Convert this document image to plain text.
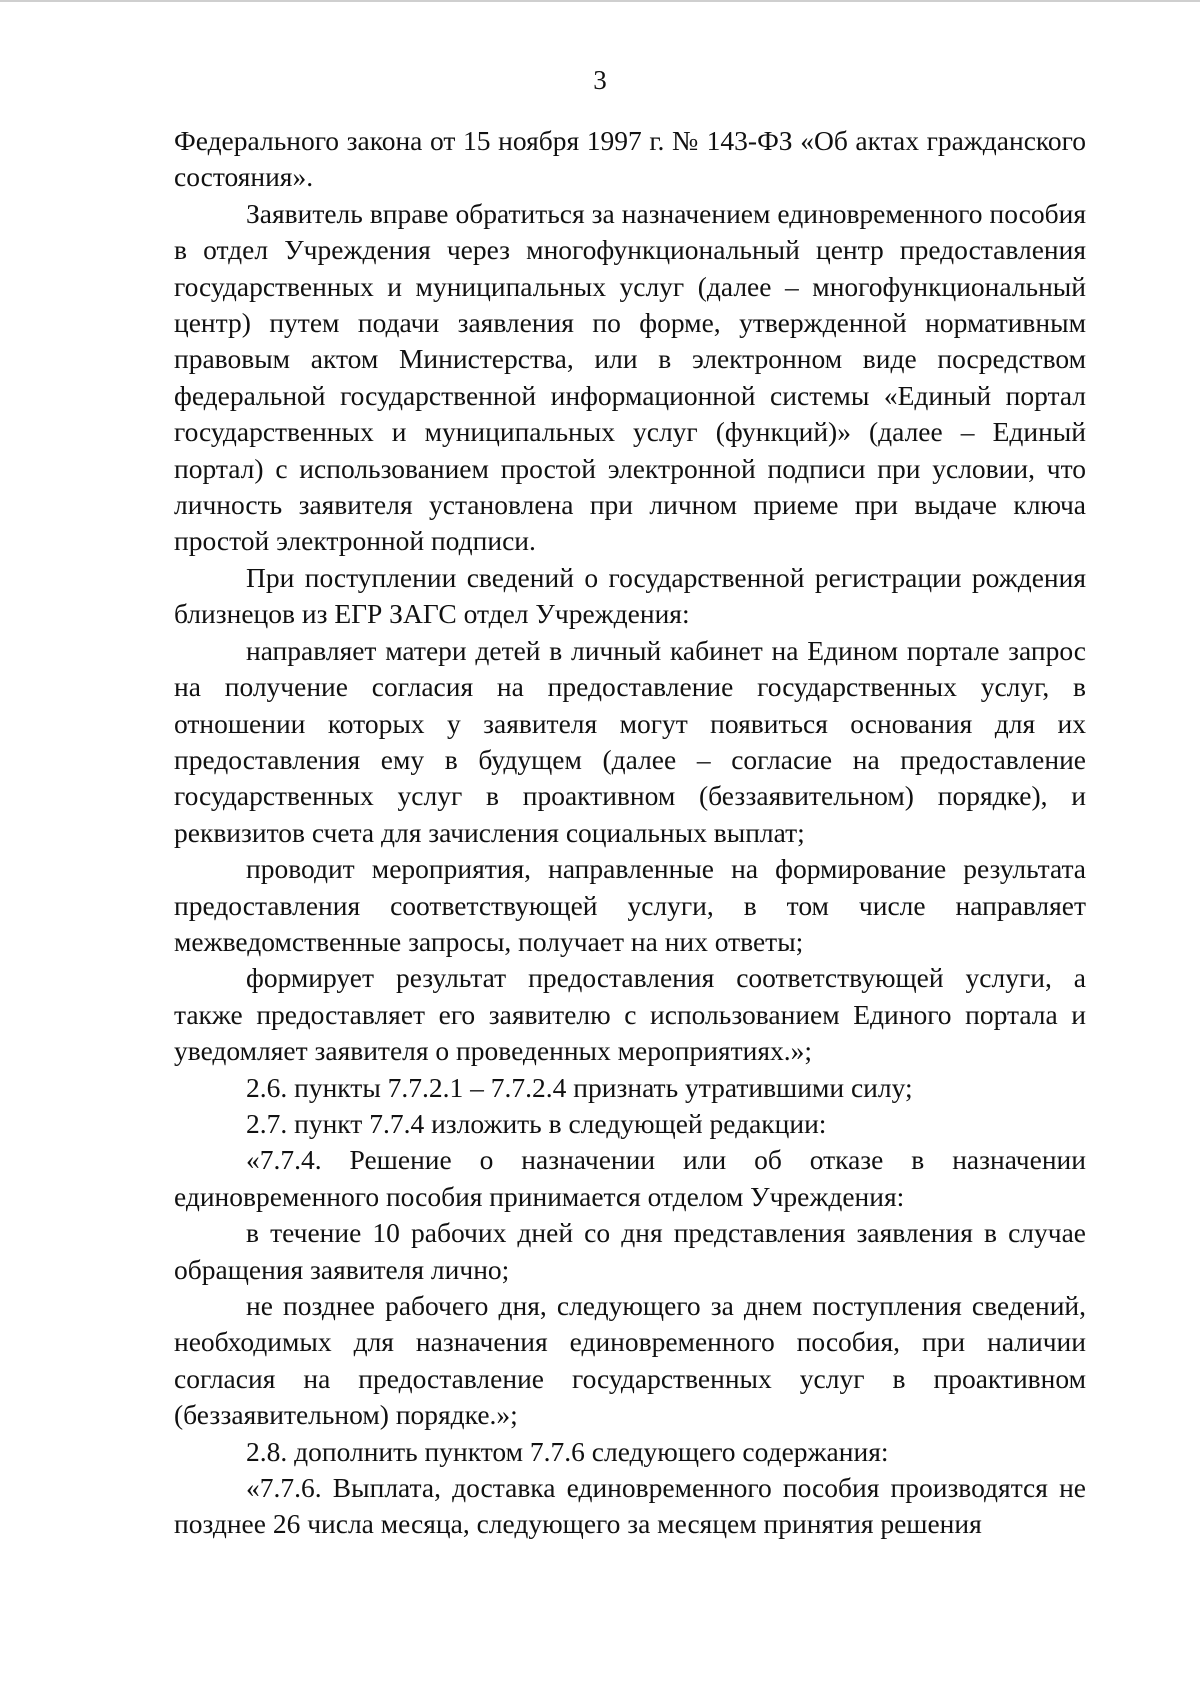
3

Федерального закона от 15 ноября 1997 г. № 143-ФЗ «Об актах гражданского состояния».

Заявитель вправе обратиться за назначением единовременного пособия в отдел Учреждения через многофункциональный центр предоставления государственных и муниципальных услуг (далее – многофункциональный центр) путем подачи заявления по форме, утвержденной нормативным правовым актом Министерства, или в электронном виде посредством федеральной государственной информационной системы «Единый портал государственных и муниципальных услуг (функций)» (далее – Единый портал) с использованием простой электронной подписи при условии, что личность заявителя установлена при личном приеме при выдаче ключа простой электронной подписи.

При поступлении сведений о государственной регистрации рождения близнецов из ЕГР ЗАГС отдел Учреждения:

направляет матери детей в личный кабинет на Едином портале запрос на получение согласия на предоставление государственных услуг, в отношении которых у заявителя могут появиться основания для их предоставления ему в будущем (далее – согласие на предоставление государственных услуг в проактивном (беззаявительном) порядке), и реквизитов счета для зачисления социальных выплат;

проводит мероприятия, направленные на формирование результата предоставления соответствующей услуги, в том числе направляет межведомственные запросы, получает на них ответы;

формирует результат предоставления соответствующей услуги, а также предоставляет его заявителю с использованием Единого портала и уведомляет заявителя о проведенных мероприятиях.»;

2.6. пункты 7.7.2.1 – 7.7.2.4 признать утратившими силу;

2.7. пункт 7.7.4 изложить в следующей редакции:

«7.7.4. Решение о назначении или об отказе в назначении единовременного пособия принимается отделом Учреждения:

в течение 10 рабочих дней со дня представления заявления в случае обращения заявителя лично;

не позднее рабочего дня, следующего за днем поступления сведений, необходимых для назначения единовременного пособия, при наличии согласия на предоставление государственных услуг в проактивном (беззаявительном) порядке.»;

2.8. дополнить пунктом 7.7.6 следующего содержания:

«7.7.6. Выплата, доставка единовременного пособия производятся не позднее 26 числа месяца, следующего за месяцем принятия решения
